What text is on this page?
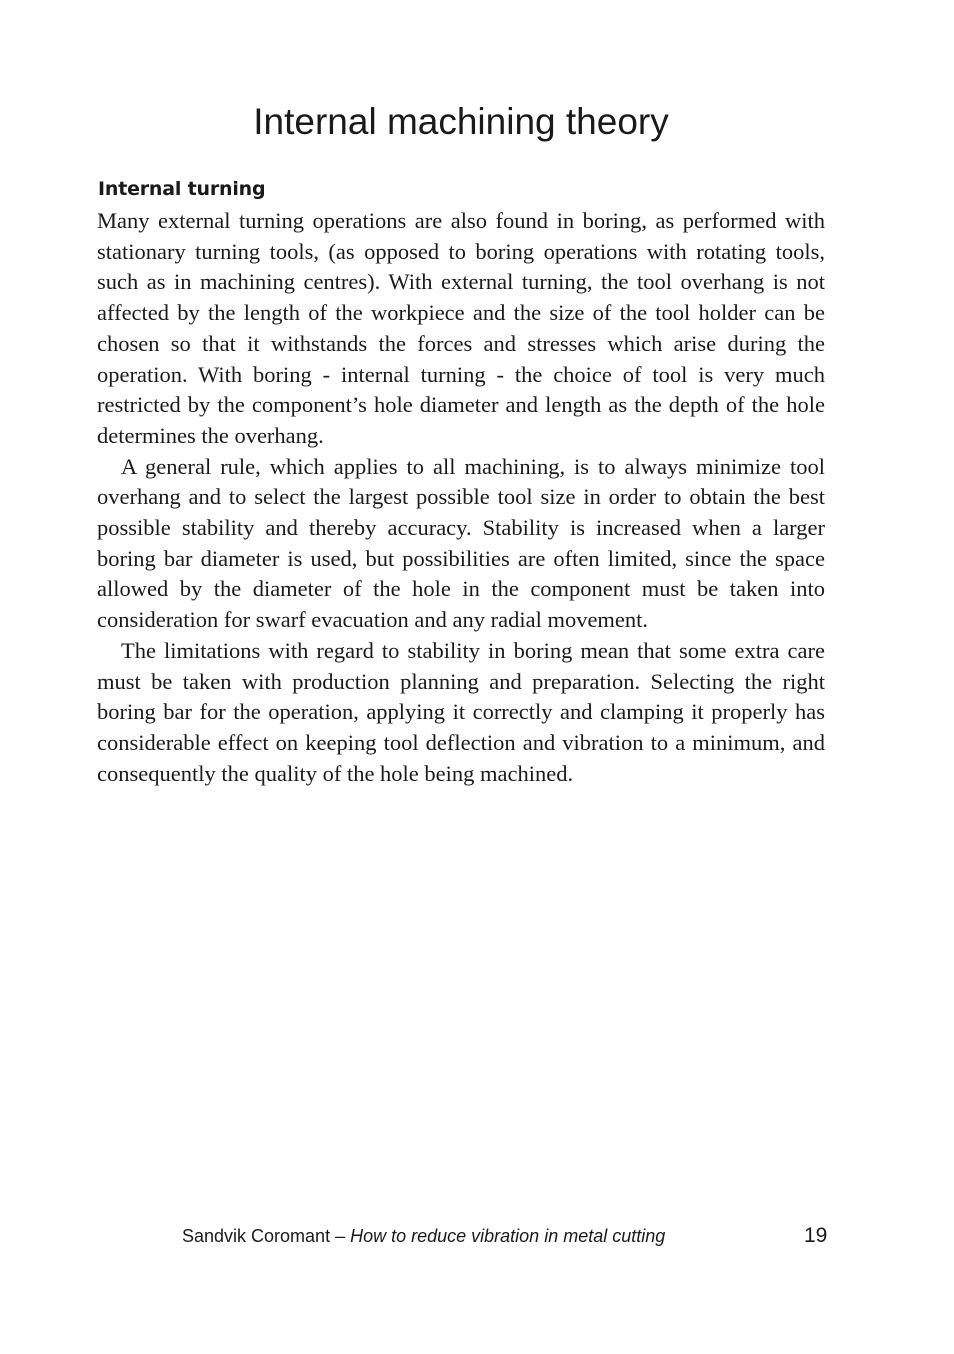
Internal machining theory
Internal turning

Many external turning operations are also found in boring, as performed with stationary turning tools, (as opposed to boring operations with rotating tools, such as in machining centres). With external turning, the tool overhang is not affected by the length of the workpiece and the size of the tool holder can be chosen so that it withstands the forces and stresses which arise during the operation. With boring - internal turning - the choice of tool is very much restricted by the component’s hole diameter and length as the depth of the hole determines the overhang.

A general rule, which applies to all machining, is to always minimize tool overhang and to select the largest possible tool size in order to obtain the best possible stability and thereby accuracy. Stability is increased when a larger boring bar diameter is used, but possibilities are often limited, since the space allowed by the diameter of the hole in the component must be taken into consideration for swarf evacuation and any radial movement.

The limitations with regard to stability in boring mean that some extra care must be taken with production planning and preparation. Selecting the right boring bar for the operation, applying it correctly and clamping it properly has considerable effect on keeping tool deflection and vibration to a minimum, and consequently the quality of the hole being machined.

Sandvik Coromant – How to reduce vibration in metal cutting	19
